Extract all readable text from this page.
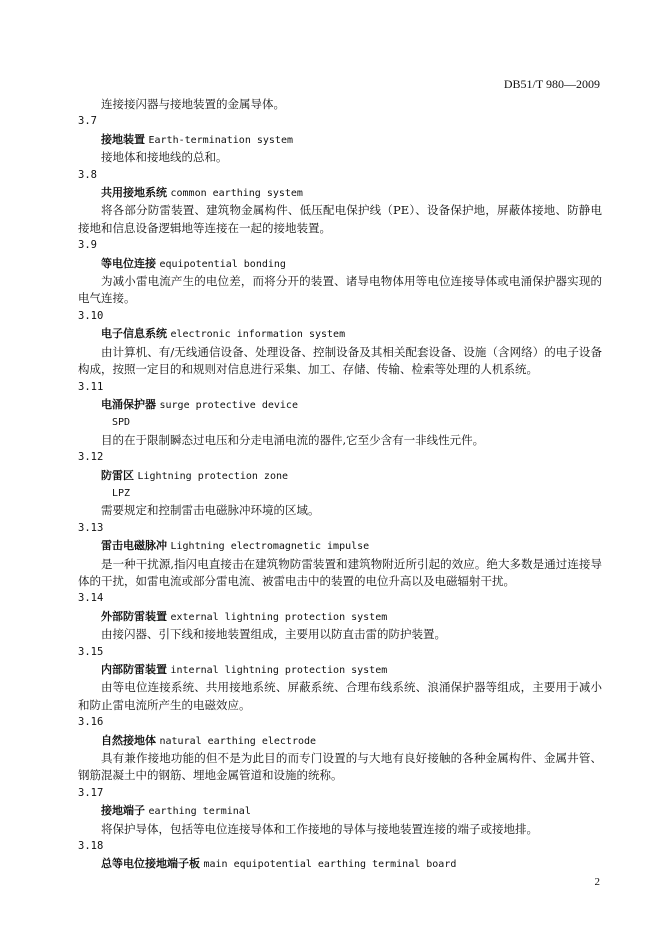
DB51/T 980—2009

连接接闪器与接地装置的金属导体。

3.7

接地装置 Earth-termination system

接地体和接地线的总和。

3.8

共用接地系统 common earthing system

将各部分防雷装置、建筑物金属构件、低压配电保护线（PE）、设备保护地，屏蔽体接地、防静电接地和信息设备逻辑地等连接在一起的接地装置。

3.9

等电位连接 equipotential bonding

为减小雷电流产生的电位差，而将分开的装置、诸导电物体用等电位连接导体或电涌保护器实现的电气连接。

3.10

电子信息系统 electronic information system

由计算机、有/无线通信设备、处理设备、控制设备及其相关配套设备、设施（含网络）的电子设备构成，按照一定目的和规则对信息进行采集、加工、存储、传输、检索等处理的人机系统。

3.11

电涌保护器 surge protective device

SPD

目的在于限制瞬态过电压和分走电涌电流的器件,它至少含有一非线性元件。

3.12

防雷区 Lightning protection zone

LPZ

需要规定和控制雷击电磁脉冲环境的区域。

3.13

雷击电磁脉冲 Lightning electromagnetic impulse

是一种干扰源,指闪电直接击在建筑物防雷装置和建筑物附近所引起的效应。绝大多数是通过连接导体的干扰，如雷电流或部分雷电流、被雷电击中的装置的电位升高以及电磁辐射干扰。

3.14

外部防雷装置 external lightning protection system

由接闪器、引下线和接地装置组成，主要用以防直击雷的防护装置。

3.15

内部防雷装置 internal lightning protection system

由等电位连接系统、共用接地系统、屏蔽系统、合理布线系统、浪涌保护器等组成，主要用于减小和防止雷电流所产生的电磁效应。

3.16

自然接地体 natural earthing electrode

具有兼作接地功能的但不是为此目的而专门设置的与大地有良好接触的各种金属构件、金属井管、钢筋混凝土中的钢筋、埋地金属管道和设施的统称。

3.17

接地端子 earthing terminal

将保护导体，包括等电位连接导体和工作接地的导体与接地装置连接的端子或接地排。

3.18

总等电位接地端子板 main equipotential earthing terminal board

2
